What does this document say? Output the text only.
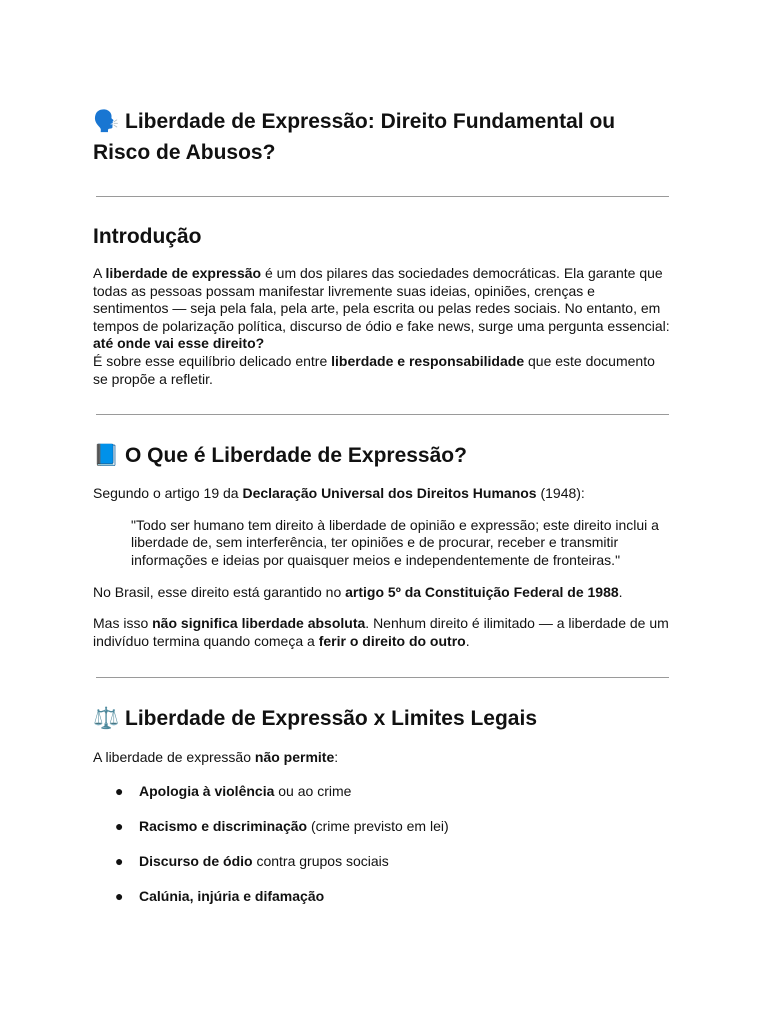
🗣️ Liberdade de Expressão: Direito Fundamental ou
Risco de Abusos?
Introdução

A liberdade de expressão é um dos pilares das sociedades democráticas. Ela garante que todas as pessoas possam manifestar livremente suas ideias, opiniões, crenças e sentimentos — seja pela fala, pela arte, pela escrita ou pelas redes sociais. No entanto, em tempos de polarização política, discurso de ódio e fake news, surge uma pergunta essencial: até onde vai esse direito?
É sobre esse equilíbrio delicado entre liberdade e responsabilidade que este documento se propõe a refletir.

📘 O Que é Liberdade de Expressão?

Segundo o artigo 19 da Declaração Universal dos Direitos Humanos (1948):

"Todo ser humano tem direito à liberdade de opinião e expressão; este direito inclui a liberdade de, sem interferência, ter opiniões e de procurar, receber e transmitir informações e ideias por quaisquer meios e independentemente de fronteiras."

No Brasil, esse direito está garantido no artigo 5º da Constituição Federal de 1988.

Mas isso não significa liberdade absoluta. Nenhum direito é ilimitado — a liberdade de um indivíduo termina quando começa a ferir o direito do outro.

⚖️ Liberdade de Expressão x Limites Legais

A liberdade de expressão não permite:

● Apologia à violência ou ao crime
● Racismo e discriminação (crime previsto em lei)
● Discurso de ódio contra grupos sociais
● Calúnia, injúria e difamação
